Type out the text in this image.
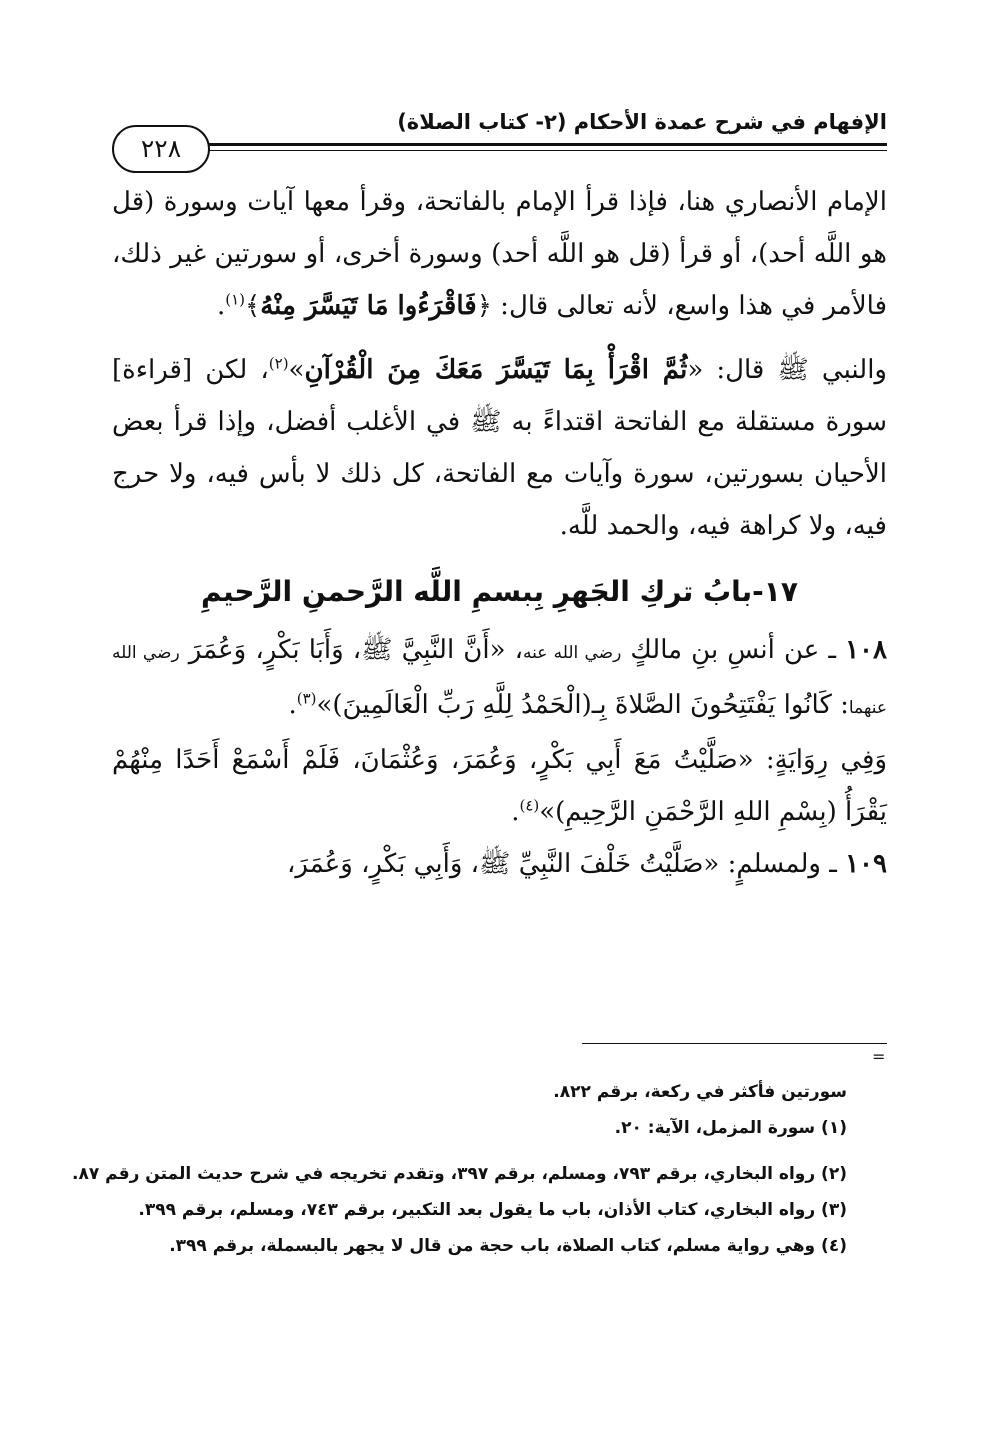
الإفهام في شرح عمدة الأحكام (٢- كتاب الصلاة)
٢٢٨

الإمام الأنصاري هنا، فإذا قرأ الإمام بالفاتحة، وقرأ معها آيات وسورة (قل هو اللَّه أحد)، أو قرأ (قل هو اللَّه أحد) وسورة أخرى، أو سورتين غير ذلك، فالأمر في هذا واسع، لأنه تعالى قال: ﴿فَاقْرَءُوا مَا تَيَسَّرَ مِنْهُ﴾$^{(١)}$.

والنبي ﷺ قال: «ثُمَّ اقْرَأْ بِمَا تَيَسَّرَ مَعَكَ مِنَ الْقُرْآنِ»$^{(٢)}$، لكن [قراءة] سورة مستقلة مع الفاتحة اقتداءً به ﷺ في الأغلب أفضل، وإذا قرأ بعض الأحيان بسورتين، سورة وآيات مع الفاتحة، كل ذلك لا بأس فيه، ولا حرج فيه، ولا كراهة فيه، والحمد للَّه.

١٧-بابُ تركِ الجَهرِ بِبسمِ اللَّه الرَّحمنِ الرَّحيمِ

١٠٨ ـ عن أنسِ بنِ مالكٍ رضي الله عنه، «أَنَّ النَّبِيَّ ﷺ، وَأَبَا بَكْرٍ، وَعُمَرَ رضي الله عنهما: كَانُوا يَفْتَتِحُونَ الصَّلاةَ بِـ(الْحَمْدُ لِلَّهِ رَبِّ الْعَالَمِينَ)»$^{(٣)}$.

وَفِي رِوَايَةٍ: «صَلَّيْتُ مَعَ أَبِي بَكْرٍ، وَعُمَرَ، وَعُثْمَانَ، فَلَمْ أَسْمَعْ أَحَدًا مِنْهُمْ يَقْرَأُ (بِسْمِ اللهِ الرَّحْمَنِ الرَّحِيمِ)»$^{(٤)}$.

١٠٩ ـ ولمسلمٍ: «صَلَّيْتُ خَلْفَ النَّبِيِّ ﷺ، وَأَبِي بَكْرٍ، وَعُمَرَ،

=

سورتين فأكثر في ركعة، برقم ٨٢٢.

(١) سورة المزمل، الآية: ٢٠.

(٢) رواه البخاري، برقم ٧٩٣، ومسلم، برقم ٣٩٧، وتقدم تخريجه في شرح حديث المتن رقم ٨٧.

(٣) رواه البخاري، كتاب الأذان، باب ما يقول بعد التكبير، برقم ٧٤٣، ومسلم، برقم ٣٩٩.

(٤) وهي رواية مسلم، كتاب الصلاة، باب حجة من قال لا يجهر بالبسملة، برقم ٣٩٩.
